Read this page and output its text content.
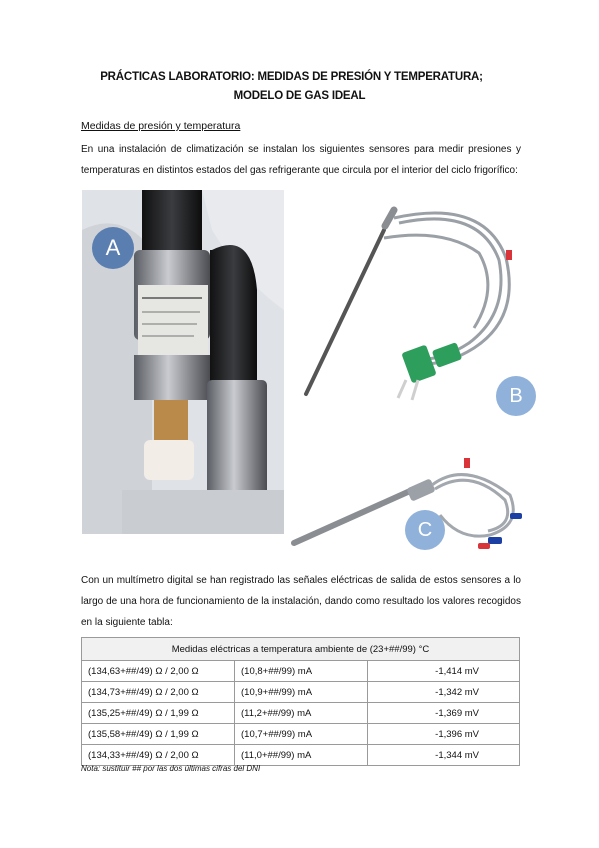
PRÁCTICAS LABORATORIO: MEDIDAS DE PRESIÓN Y TEMPERATURA;
MODELO DE GAS IDEAL
Medidas de presión y temperatura
En una instalación de climatización se instalan los siguientes sensores para medir presiones y temperaturas en distintos estados del gas refrigerante que circula por el interior del ciclo frigorífico:
A
B
C
Con un multímetro digital se han registrado las señales eléctricas de salida de estos sensores a lo largo de una hora de funcionamiento de la instalación, dando como resultado los valores recogidos en la siguiente tabla:
Medidas eléctricas a temperatura ambiente de (23+##/99) °C		
(134,63+##/49) Ω / 2,00 Ω	(10,8+##/99) mA	-1,414 mV
(134,73+##/49) Ω / 2,00 Ω	(10,9+##/99) mA	-1,342 mV
(135,25+##/49) Ω / 1,99 Ω	(11,2+##/99) mA	-1,369 mV
(135,58+##/49) Ω / 1,99 Ω	(10,7+##/99) mA	-1,396 mV
(134,33+##/49) Ω / 2,00 Ω	(11,0+##/99) mA	-1,344 mV
Nota: sustituir ## por las dos últimas cifras del DNI
